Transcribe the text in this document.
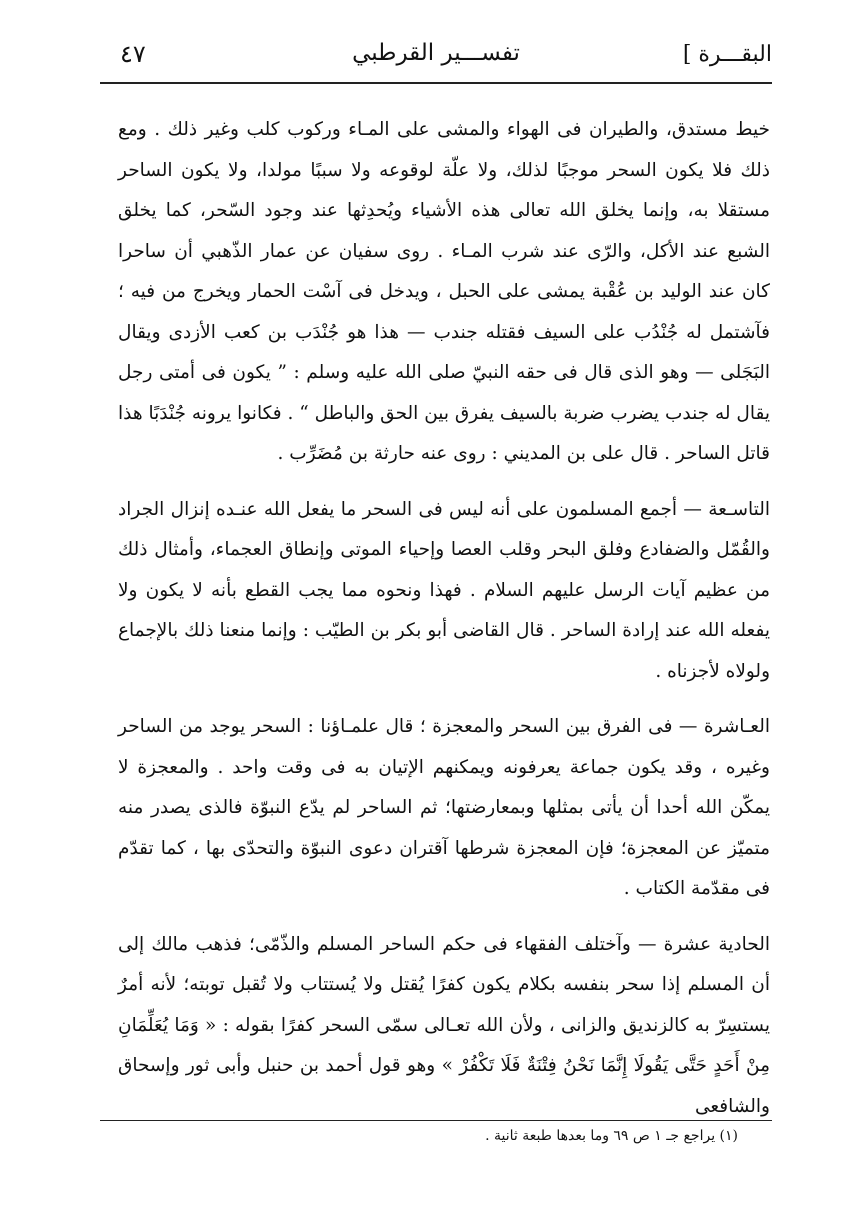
البقـــرة ]
تفســـير القرطبي
٤٧

خيط مستدق، والطيران فى الهواء والمشى على المـاء وركوب كلب وغير ذلك . ومع ذلك فلا يكون السحر موجبًا لذلك، ولا علّة لوقوعه ولا سببًا مولدا، ولا يكون الساحر مستقلا به، وإنما يخلق الله تعالى هذه الأشياء ويُحدِثها عند وجود السّحر، كما يخلق الشبع عند الأكل، والرّى عند شرب المـاء . روى سفيان عن عمار الذّهبي أن ساحرا كان عند الوليد بن عُقْبة يمشى على الحبل ، ويدخل فى آسْت الحمار ويخرج من فيه ؛ فآشتمل له جُنْدُب على السيف فقتله جندب — هذا هو جُنْدَب بن كعب الأزدى ويقال البَجَلى — وهو الذى قال فى حقه النبيّ صلى الله عليه وسلم : ” يكون فى أمتى رجل يقال له جندب يضرب ضربة بالسيف يفرق بين الحق والباطل “ . فكانوا يرونه جُنْدَبًا هذا قاتل الساحر . قال على بن المديني : روى عنه حارثة بن مُضَرِّب .

التاسـعة — أجمع المسلمون على أنه ليس فى السحر ما يفعل الله عنـده إنزال الجراد والقُمّل والضفادع وفلق البحر وقلب العصا وإحياء الموتى وإنطاق العجماء، وأمثال ذلك من عظيم آيات الرسل عليهم السلام . فهذا ونحوه مما يجب القطع بأنه لا يكون ولا يفعله الله عند إرادة الساحر . قال القاضى أبو بكر بن الطيّب : وإنما منعنا ذلك بالإجماع ولولاه لأجزناه .

العـاشرة — فى الفرق بين السحر والمعجزة ؛ قال علمـاؤنا : السحر يوجد من الساحر وغيره ، وقد يكون جماعة يعرفونه ويمكنهم الإتيان به فى وقت واحد . والمعجزة لا يمكّن الله أحدا أن يأتى بمثلها وبمعارضتها؛ ثم الساحر لم يدّع النبوّة فالذى يصدر منه متميّز عن المعجزة؛ فإن المعجزة شرطها آقتران دعوى النبوّة والتحدّى بها ، كما تقدّم فى مقدّمة الكتاب .

الحادية عشرة — وآختلف الفقهاء فى حكم الساحر المسلم والذّمّى؛ فذهب مالك إلى أن المسلم إذا سحر بنفسه بكلام يكون كفرًا يُقتل ولا يُستتاب ولا تُقبل توبته؛ لأنه أمرٌ يستسِرّ به كالزنديق والزانى ، ولأن الله تعـالى سمّى السحر كفرًا بقوله : « وَمَا يُعَلِّمَانِ مِنْ أَحَدٍ حَتَّى يَقُولَا إِنَّمَا نَحْنُ فِتْنَةٌ فَلَا تَكْفُرْ » وهو قول أحمد بن حنبل وأبى ثور وإسحاق والشافعى

(١) يراجع جـ ١ ص ٦٩ وما بعدها طبعة ثانية .
